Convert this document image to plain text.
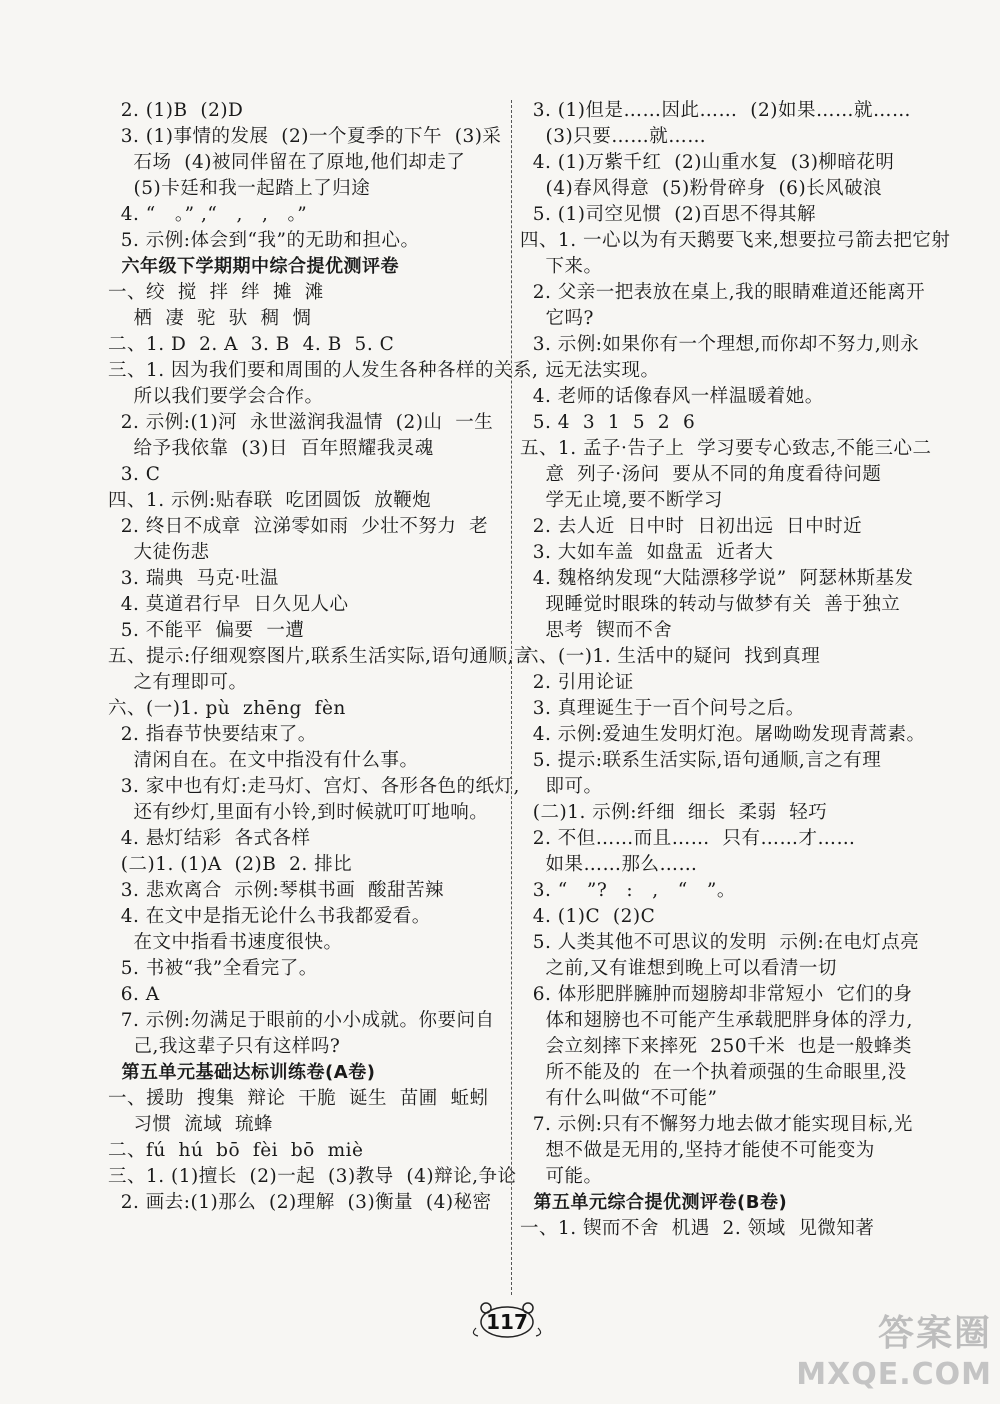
2. (1)B  (2)D
3. (1)事情的发展  (2)一个夏季的下午  (3)采
石场  (4)被同伴留在了原地,他们却走了
(5)卡廷和我一起踏上了归途
4. “   。” ,“   ,   ,   。”
5. 示例:体会到“我”的无助和担心。
六年级下学期期中综合提优测评卷
一、绞  搅  拌  绊  摊  滩
栖  凄  驼  驮  稠  惆
二、1. D  2. A  3. B  4. B  5. C
三、1. 因为我们要和周围的人发生各种各样的关系,
所以我们要学会合作。
2. 示例:(1)河  永世滋润我温情  (2)山  一生
给予我依靠  (3)日  百年照耀我灵魂
3. C
四、1. 示例:贴春联  吃团圆饭  放鞭炮
2. 终日不成章  泣涕零如雨  少壮不努力  老
大徒伤悲
3. 瑞典  马克·吐温
4. 莫道君行早  日久见人心
5. 不能平  偏要  一遭
五、提示:仔细观察图片,联系生活实际,语句通顺,言
之有理即可。
六、(一)1. pù  zhēng  fèn
2. 指春节快要结束了。
清闲自在。在文中指没有什么事。
3. 家中也有灯:走马灯、宫灯、各形各色的纸灯,
还有纱灯,里面有小铃,到时候就叮叮地响。
4. 悬灯结彩  各式各样
(二)1. (1)A  (2)B  2. 排比
3. 悲欢离合  示例:琴棋书画  酸甜苦辣
4. 在文中是指无论什么书我都爱看。
在文中指看书速度很快。
5. 书被“我”全看完了。
6. A
7. 示例:勿满足于眼前的小小成就。你要问自
己,我这辈子只有这样吗?
第五单元基础达标训练卷(A卷)
一、援助  搜集  辩论  干脆  诞生  苗圃  蚯蚓
习惯  流域  琉蜂
二、fú  hú  bō  fèi  bō  miè
三、1. (1)擅长  (2)一起  (3)教导  (4)辩论,争论
2. 画去:(1)那么  (2)理解  (3)衡量  (4)秘密
3. (1)但是……因此……  (2)如果……就……
(3)只要……就……
4. (1)万紫千红  (2)山重水复  (3)柳暗花明
(4)春风得意  (5)粉骨碎身  (6)长风破浪
5. (1)司空见惯  (2)百思不得其解
四、1. 一心以为有天鹅要飞来,想要拉弓箭去把它射
下来。
2. 父亲一把表放在桌上,我的眼睛难道还能离开
它吗?
3. 示例:如果你有一个理想,而你却不努力,则永
远无法实现。
4. 老师的话像春风一样温暖着她。
5. 4  3  1  5  2  6
五、1. 孟子·告子上  学习要专心致志,不能三心二
意  列子·汤问  要从不同的角度看待问题
学无止境,要不断学习
2. 去人近  日中时  日初出远  日中时近
3. 大如车盖  如盘盂  近者大
4. 魏格纳发现“大陆漂移学说”  阿瑟林斯基发
现睡觉时眼珠的转动与做梦有关  善于独立
思考  锲而不舍
六、(一)1. 生活中的疑问  找到真理
2. 引用论证
3. 真理诞生于一百个问号之后。
4. 示例:爱迪生发明灯泡。屠呦呦发现青蒿素。
5. 提示:联系生活实际,语句通顺,言之有理
即可。
(二)1. 示例:纤细  细长  柔弱  轻巧
2. 不但……而且……  只有……才……
如果……那么……
3. “   ”?   :   ,   “   ”。
4. (1)C  (2)C
5. 人类其他不可思议的发明  示例:在电灯点亮
之前,又有谁想到晚上可以看清一切
6. 体形肥胖臃肿而翅膀却非常短小  它们的身
体和翅膀也不可能产生承载肥胖身体的浮力,
会立刻摔下来摔死  250千米  也是一般蜂类
所不能及的  在一个执着顽强的生命眼里,没
有什么叫做“不可能”
7. 示例:只有不懈努力地去做才能实现目标,光
想不做是无用的,坚持才能使不可能变为
可能。
第五单元综合提优测评卷(B卷)
一、1. 锲而不舍  机遇  2. 领域  见微知著
117	答案圈
MXQE.COM
